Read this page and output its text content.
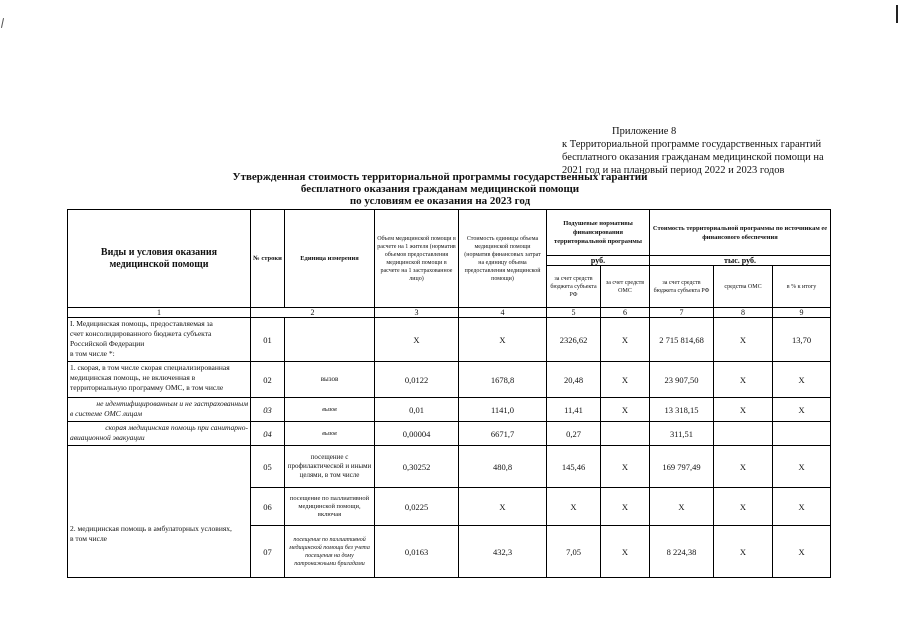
Приложение 8
к Территориальной программе государственных гарантий
бесплатного оказания гражданам медицинской помощи на
2021 год и на плановый период 2022 и 2023 годов
Утвержденная стоимость территориальной программы государственных гарантий
бесплатного оказания гражданам медицинской помощи
по условиям ее оказания на 2023 год
Виды и условия оказания медицинской помощи	№ строки	Единица измерения	Объем медицинской помощи в расчете на 1 жителя (норматив объемов предоставления медицинской помощи в расчете на 1 застрахованное лицо)	Стоимость единицы объема медицинской помощи (норматив финансовых затрат на единицу объема предоставления медицинской помощи)	Подушевые нормативы финансирования территориальной программы		Стоимость территориальной программы по источникам ее финансового обеспечения		
					руб.		тыс. руб.		
					за счет средств бюджета субъекта РФ	за счет средств ОМС	за счет средств бюджета субъекта РФ	средства ОМС	в % к итогу
1	2		3	4	5	6	7	8	9

I. Медицинская помощь, предоставляемая за
счет консолидированного бюджета субъекта
Российской Федерации
в том числе *:	01		Х	Х	2326,62	Х	2 715 814,68	Х	13,70

1. скорая, в том числе скорая специализированная
медицинская помощь, не включенная в
территориальную программу ОМС, в том числе	02	вызов	0,0122	1678,8	20,48	Х	23 907,50	Х	Х

не идентифицированным и не застрахованным
в системе ОМС лицам	03	вызов	0,01	1141,0	11,41	Х	13 318,15	Х	Х

скорая медицинская помощь при санитарно-
авиационной эвакуации	04	вызов	0,00004	6671,7	0,27		311,51		

2. медицинская помощь в амбулаторных условиях,
в том числе	05	посещение с профилактической и иными целями, в том числе	0,30252	480,8	145,46	Х	169 797,49	Х	Х
	06	посещение по паллиативной медицинской помощи, включая	0,0225	Х	Х	Х	Х	Х	Х
	07	посещение по паллиативной медицинской помощи без учета посещения на дому патронажными бригадами	0,0163	432,3	7,05	Х	8 224,38	Х	Х
